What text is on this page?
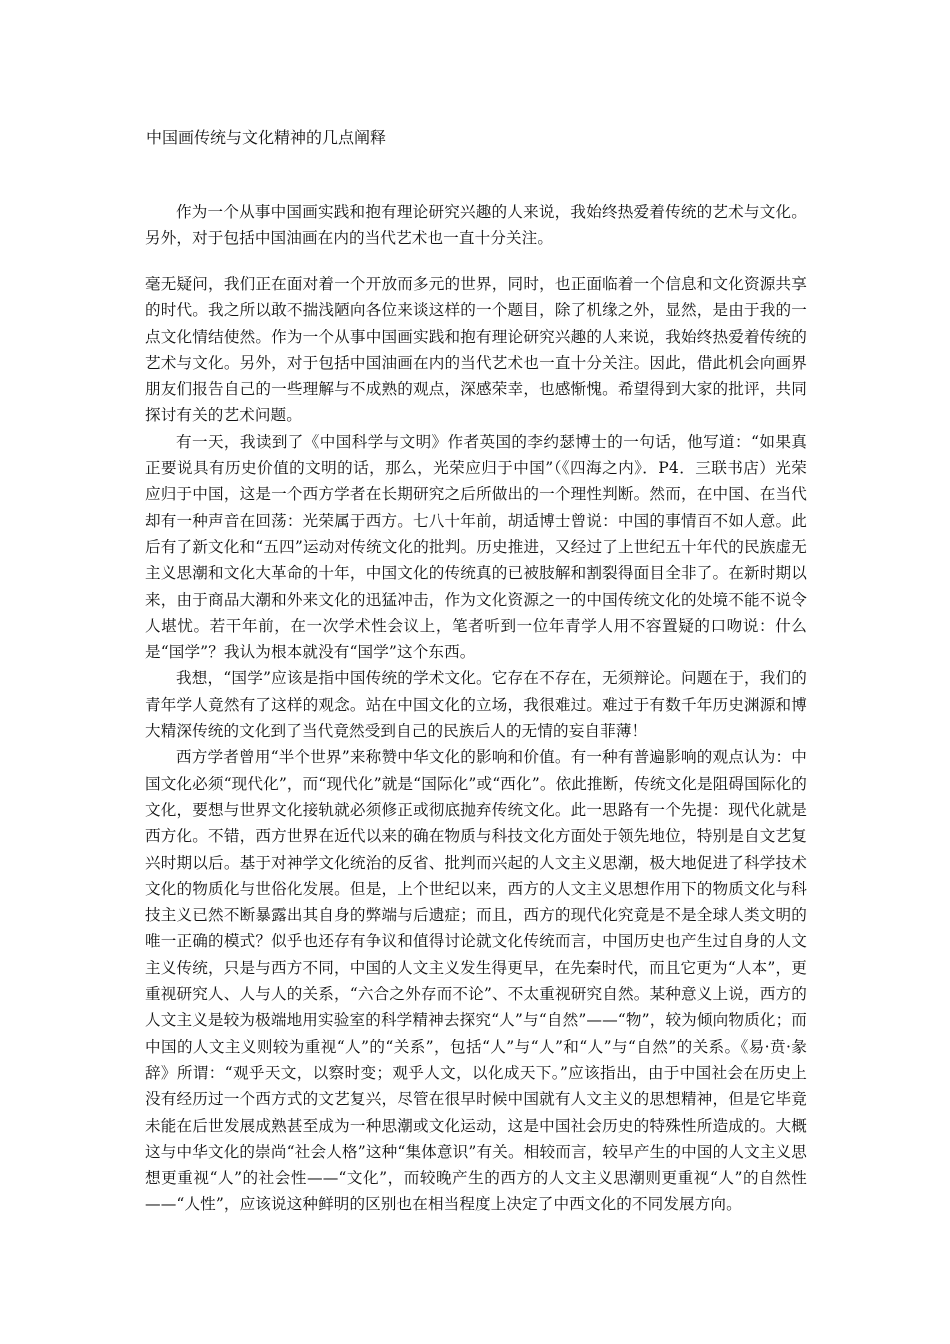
中国画传统与文化精神的几点阐释

作为一个从事中国画实践和抱有理论研究兴趣的人来说，我始终热爱着传统的艺术与文化。另外，对于包括中国油画在内的当代艺术也一直十分关注。

毫无疑问，我们正在面对着一个开放而多元的世界，同时，也正面临着一个信息和文化资源共享的时代。我之所以敢不揣浅陋向各位来谈这样的一个题目，除了机缘之外，显然，是由于我的一点文化情结使然。作为一个从事中国画实践和抱有理论研究兴趣的人来说，我始终热爱着传统的艺术与文化。另外，对于包括中国油画在内的当代艺术也一直十分关注。因此，借此机会向画界朋友们报告自己的一些理解与不成熟的观点，深感荣幸，也感惭愧。希望得到大家的批评，共同探讨有关的艺术问题。

有一天，我读到了《中国科学与文明》作者英国的李约瑟博士的一句话，他写道：“如果真正要说具有历史价值的文明的话，那么，光荣应归于中国”（《四海之内》．P4．三联书店）光荣应归于中国，这是一个西方学者在长期研究之后所做出的一个理性判断。然而，在中国、在当代却有一种声音在回荡：光荣属于西方。七八十年前，胡适博士曾说：中国的事情百不如人意。此后有了新文化和“五四”运动对传统文化的批判。历史推进，又经过了上世纪五十年代的民族虚无主义思潮和文化大革命的十年，中国文化的传统真的已被肢解和割裂得面目全非了。在新时期以来，由于商品大潮和外来文化的迅猛冲击，作为文化资源之一的中国传统文化的处境不能不说令人堪忧。若干年前，在一次学术性会议上，笔者听到一位年青学人用不容置疑的口吻说：什么是“国学”？我认为根本就没有“国学”这个东西。

我想，“国学”应该是指中国传统的学术文化。它存在不存在，无须辩论。问题在于，我们的青年学人竟然有了这样的观念。站在中国文化的立场，我很难过。难过于有数千年历史渊源和博大精深传统的文化到了当代竟然受到自己的民族后人的无情的妄自菲薄！

西方学者曾用“半个世界”来称赞中华文化的影响和价值。有一种有普遍影响的观点认为：中国文化必须“现代化”，而“现代化”就是“国际化”或“西化”。依此推断，传统文化是阻碍国际化的文化，要想与世界文化接轨就必须修正或彻底抛弃传统文化。此一思路有一个先提：现代化就是西方化。不错，西方世界在近代以来的确在物质与科技文化方面处于领先地位，特别是自文艺复兴时期以后。基于对神学文化统治的反省、批判而兴起的人文主义思潮，极大地促进了科学技术文化的物质化与世俗化发展。但是，上个世纪以来，西方的人文主义思想作用下的物质文化与科技主义已然不断暴露出其自身的弊端与后遗症；而且，西方的现代化究竟是不是全球人类文明的唯一正确的模式？似乎也还存有争议和值得讨论就文化传统而言，中国历史也产生过自身的人文主义传统，只是与西方不同，中国的人文主义发生得更早，在先秦时代，而且它更为“人本”，更重视研究人、人与人的关系，“六合之外存而不论”、不太重视研究自然。某种意义上说，西方的人文主义是较为极端地用实验室的科学精神去探究“人”与“自然”——“物”，较为倾向物质化；而中国的人文主义则较为重视“人”的“关系”，包括“人”与“人”和“人”与“自然”的关系。《易·贲·彖辞》所谓：“观乎天文，以察时变；观乎人文，以化成天下。”应该指出，由于中国社会在历史上没有经历过一个西方式的文艺复兴，尽管在很早时候中国就有人文主义的思想精神，但是它毕竟未能在后世发展成熟甚至成为一种思潮或文化运动，这是中国社会历史的特殊性所造成的。大概这与中华文化的崇尚“社会人格”这种“集体意识”有关。相较而言，较早产生的中国的人文主义思想更重视“人”的社会性——“文化”，而较晚产生的西方的人文主义思潮则更重视“人”的自然性——“人性”，应该说这种鲜明的区别也在相当程度上决定了中西文化的不同发展方向。
